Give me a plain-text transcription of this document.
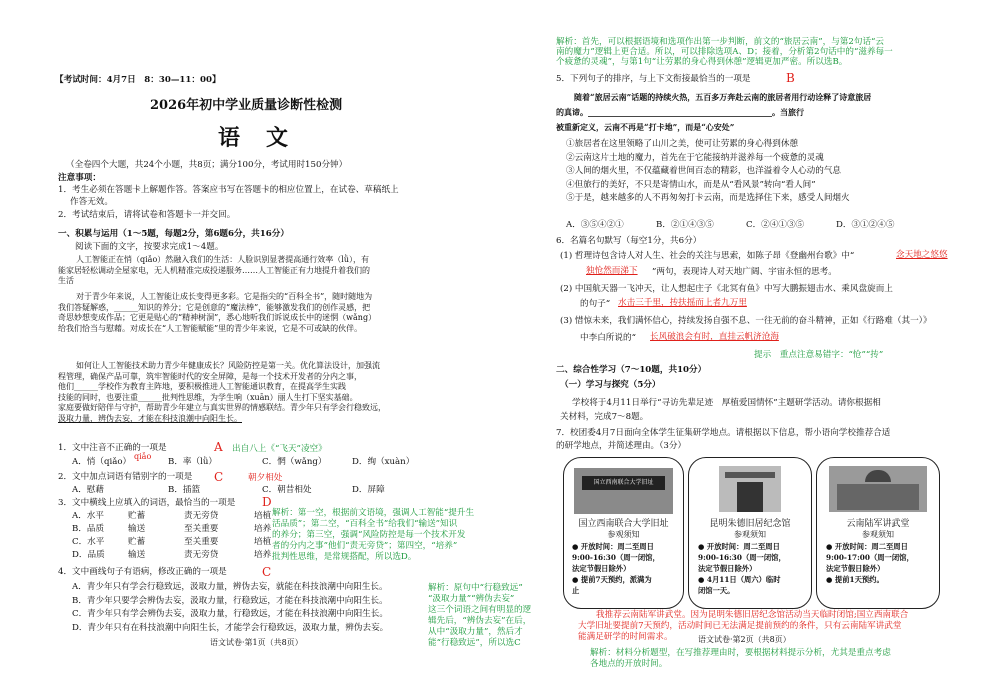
【考试时间：4月7日　8：30—11：00】
2026年初中学业质量诊断性检测
语　文
（全卷四个大题，共24个小题，共8页；满分100分，考试用时150分钟）
注意事项：
1．考生必须在答题卡上解题作答。答案应书写在答题卡的相应位置上，在试卷、草稿纸上
作答无效。
2．考试结束后，请将试卷和答题卡一并交回。
一、积累与运用（1～5题，每题2分，第6题6分，共16分）
阅读下面的文字，按要求完成1～4题。
人工智能正在悄（qiǎo）然融入我们的生活：人脸识别显著提高通行效率（lǜ），有
能家居轻松调动全屋家电，无人机精准完成投递服务……人工智能正有力地提升着我们的
生活
对于青少年来说，人工智能让成长变得更多彩。它是指尖的“百科全书”，随时随地为
我们答疑解惑，______知识的养分；它是创意的“魔法棒”，能够激发我们的创作灵感，把
奇思妙想变成作品；它更是贴心的“精神树洞”，悉心地听我们诉说成长中的迷惘（wǎng）
给我们恰当与慰藉。对成长在“人工智能赋能”里的青少年来说，它是不可或缺的伙伴。
如何让人工智能技术助力青少年健康成长？风险防控是第一关。优化算法设计，加强流
程管理，确保产品可靠，筑牢智能时代的安全屏障，是每一个技术开发者的分内之事，
他们______学校作为教育主阵地，要积极推进人工智能通识教育，在提高学生实践
技能的同时，也要注重______批判性思维，为学生响（xuān）丽人生打下坚实基础。
家庭要做好陪伴与守护，帮助青少年建立与真实世界的情感联结。青少年只有学会行稳致远，
汲取力量，辨伪去妄，才能在科技浪潮中向阳生长。
1．文中注音不正确的一项是	A 出自八上《“飞天”凌空》
A．悄（qiǎo）
qiǎo
B．率（lǜ）	C．惘（wǎng）	D．绚（xuàn）
2．文中加点词语有错别字的一项是 C	朝夕相处
A．慰藉	B．插篮	C．朝昔相处	D．屏障
3．文中横线上应填入的词语，最恰当的一项是 D
A．水平	贮蓄	责无旁贷	培植
B．品质	输送	至关重要	培养
C．水平	贮蓄	至关重要	培植
D．品质	输送	责无旁贷	培养
解析：第一空，根据前文语境，强调人工智能“提升生
活品质”；第二空，“百科全书”给我们“输送”知识
的养分；第三空，强调“风险防控是每一个技术开发
者的分内之事”他们“责无旁贷”；第四空，“培养”
批判性思维，是常规搭配，所以选D。
4．文中画线句子有语病，修改正确的一项是	C
A．青少年只有学会行稳致远，汲取力量，辨伪去妄，就能在科技浪潮中向阳生长。
B．青少年只要学会辨伪去妄，汲取力量，行稳致远，才能在科技浪潮中向阳生长。
C．青少年只有学会辨伪去妄，汲取力量，行稳致远，才能在科技浪潮中向阳生长。
D．青少年只有在科技浪潮中向阳生长，才能学会行稳致远，汲取力量，辨伪去妄。
解析：原句中“行稳致远”
“汲取力量”“辨伪去妄”
这三个词语之间有明显的逻
辑先后，“辨伪去妄”在后，
从中“汲取力量”，然后才
能“行稳致远”，所以选C
语文试卷·第1页（共8页）
解析：首先，可以根据语境和选项作出第一步判断，前文的“旅居云南”，与第2句话“云
南的魔力”逻辑上更合适。所以，可以排除选项A、D；接着，分析第2句话中的“滋养每一
个疲惫的灵魂”，与第1句“让劳累的身心得到休憩”逻辑更加严密。所以选B。
5．下列句子的排序，与上下文衔接最恰当的一项是	B
随着“旅居云南”话题的持续火热，五百多万奔赴云南的旅居者用行动诠释了诗意旅居
的真谛。______________________________________________。当旅行
被重新定义，云南不再是“打卡地”，而是“心安处”
①旅居者在这里领略了山川之美，使可让劳累的身心得到休憩
②云南这片土地的魔力，首先在于它能接纳并滋养每一个疲惫的灵魂
③人间的烟火里，不仅蕴藏着世间百态的精彩，也洋溢着令人心动的气息
④但旅行的美好，不只是寄情山水，而是从“看风景”转向“看人间”
⑤于是，越来越多的人不再匆匆打卡云南，而是选择住下来，感受人间烟火
A．③⑤④②①	B．②①④③⑤	C．②④①③⑤	D．③①②④⑤
6．名篇名句默写（每空1分，共6分）
(1) 哲理诗包含诗人对人生、社会的关注与思索，如陈子昂《登幽州台歌》中“	念天地之悠悠
独怆然而涕下 ”两句，表现诗人对天地广阔、宇宙永恒的思考。
(2) 中国航天器一飞冲天，让人想起庄子《北冥有鱼》中写大鹏振翅击水、乘风盘旋而上
的句子“ 水击三千里，抟扶摇而上者九万里
(3) 惜惊未来，我们满怀信心，持续发扬自强不息、一往无前的奋斗精神，正如《行路难（其一）》
中李白所说的“ 长风破浪会有时，直挂云帆济沧海
提示　重点注意易错字：“怆”“抟”
二、综合性学习（7～10题，共10分）
（一）学习与探究（5分）
学校将于4月11日举行“寻访先辈足迹　厚植爱国情怀”主题研学活动。请你根据相
关材料，完成7～8题。
7．校团委4月7日面向全体学生征集研学地点。请根据以下信息，帮小语向学校推荐合适
的研学地点，并简述理由。（3分）
国立西南联合大学旧址
国立西南联合大学旧址
参观须知
● 开放时间：周二至周日
9:00-16:30（周一闭馆，
法定节假日除外）
● 提前7天预约，派满为
止
昆明朱德旧居纪念馆
参观须知
● 开放时间：周二至周日
9:00-16:30（周一闭馆，
法定节假日除外）
● 4月11日（周六）临时
闭馆一天。
云南陆军讲武堂
参观须知
● 开放时间：周二至周日
9:00-17:00（周一闭馆，
法定节假日除外）
● 提前1天预约。
我推荐云南陆军讲武堂。因为昆明朱德旧居纪念馆活动当天临时闭馆;国立西南联合
大学旧址要提前7天预约，活动时间已无法满足提前预约的条件，只有云南陆军讲武堂
能满足研学的时间需求。	语文试卷·第2页（共8页）
解析：材料分析题型，在写推荐理由时，要根据材料提示分析，尤其是重点考虑
各地点的开放时间。
